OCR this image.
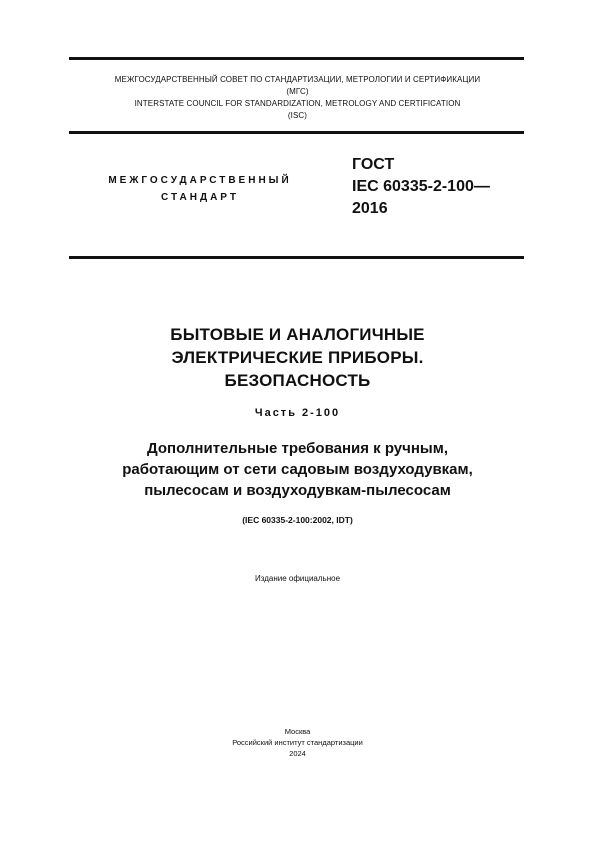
МЕЖГОСУДАРСТВЕННЫЙ СОВЕТ ПО СТАНДАРТИЗАЦИИ, МЕТРОЛОГИИ И СЕРТИФИКАЦИИ
(МГС)
INTERSTATE COUNCIL FOR STANDARDIZATION, METROLOGY AND CERTIFICATION
(ISC)
МЕЖГОСУДАРСТВЕННЫЙ
СТАНДАРТ
ГОСТ
IEC 60335-2-100—
2016
БЫТОВЫЕ И АНАЛОГИЧНЫЕ
ЭЛЕКТРИЧЕСКИЕ ПРИБОРЫ.
БЕЗОПАСНОСТЬ
Часть 2-100
Дополнительные требования к ручным,
работающим от сети садовым воздуходувкам,
пылесосам и воздуходувкам-пылесосам
(IEC 60335-2-100:2002, IDT)
Издание официальное
Москва
Российский институт стандартизации
2024
